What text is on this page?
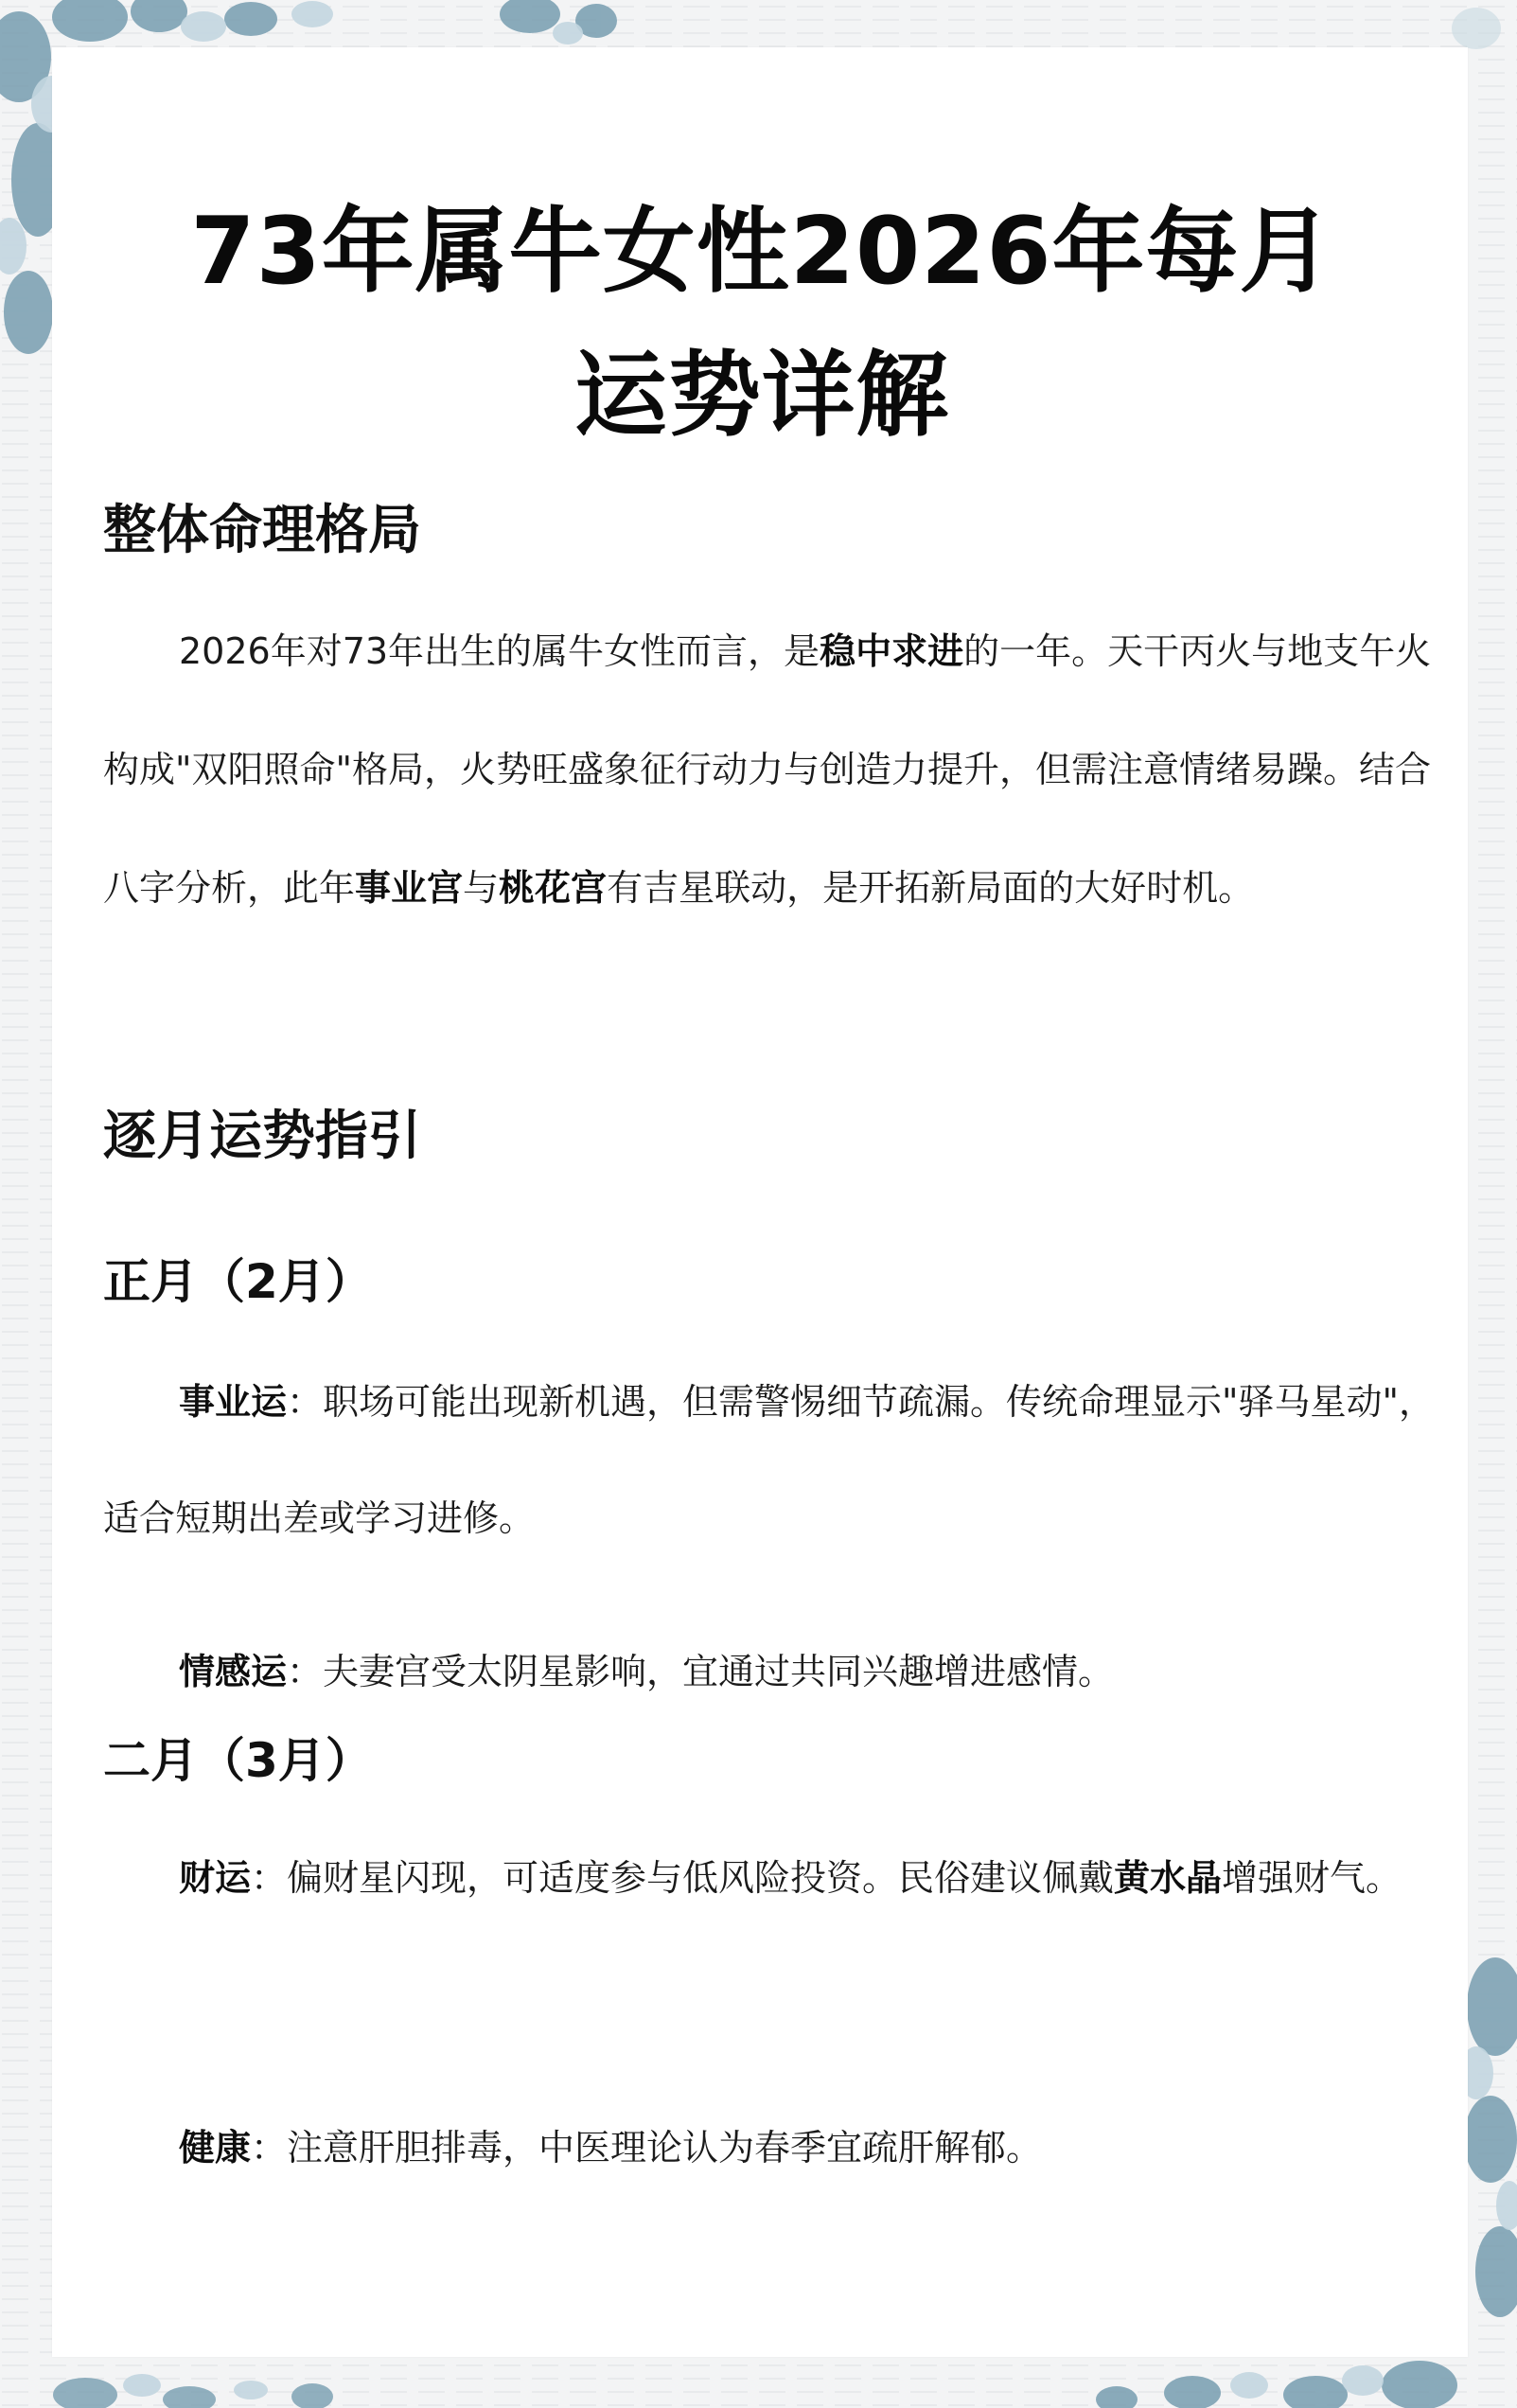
73年属牛女性2026年每月运势详解
整体命理格局
2026年对73年出生的属牛女性而言，是稳中求进的一年。天干丙火与地支午火构成"双阳照命"格局，火势旺盛象征行动力与创造力提升，但需注意情绪易躁。结合八字分析，此年事业宫与桃花宫有吉星联动，是开拓新局面的大好时机。
逐月运势指引
正月（2月）
事业运：职场可能出现新机遇，但需警惕细节疏漏。传统命理显示"驿马星动"，适合短期出差或学习进修。
情感运：夫妻宫受太阴星影响，宜通过共同兴趣增进感情。
二月（3月）
财运：偏财星闪现，可适度参与低风险投资。民俗建议佩戴黄水晶增强财气。
健康：注意肝胆排毒，中医理论认为春季宜疏肝解郁。
